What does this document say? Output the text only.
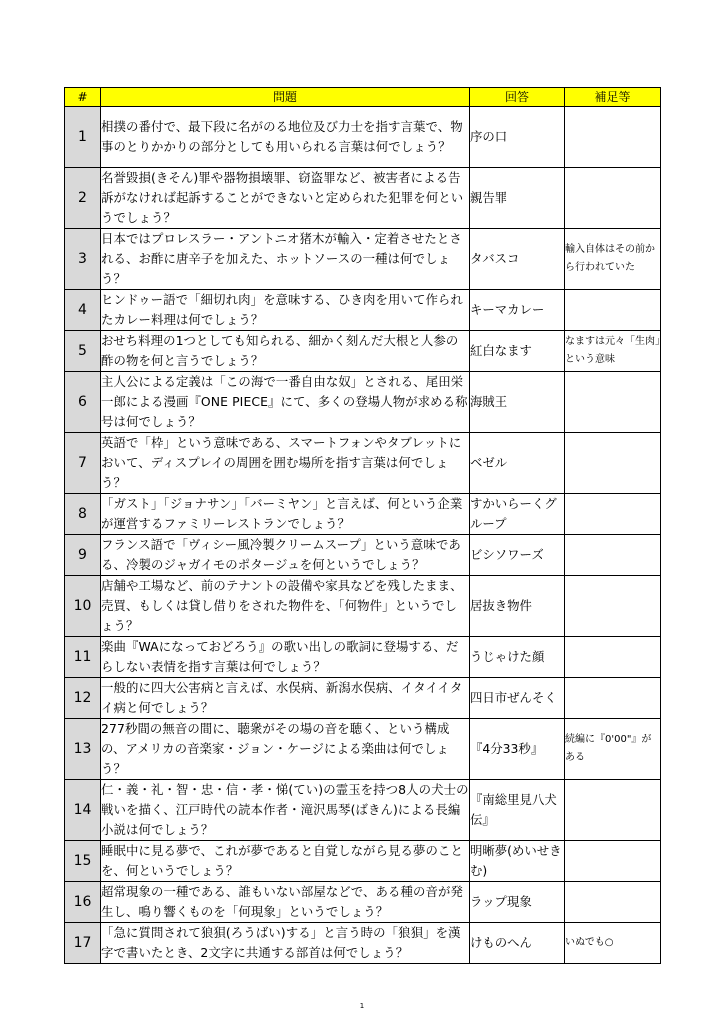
#	問題	回答	補足等
1	相撲の番付で、最下段に名がのる地位及び力士を指す言葉で、物事のとりかかりの部分としても用いられる言葉は何でしょう？	序の口	
2	名誉毀損(きそん)罪や器物損壊罪、窃盗罪など、被害者による告訴がなければ起訴することができないと定められた犯罪を何というでしょう？	親告罪	
3	日本ではプロレスラー・アントニオ猪木が輸入・定着させたとされる、お酢に唐辛子を加えた、ホットソースの一種は何でしょう？	タバスコ	輸入自体はその前から行われていた
4	ヒンドゥー語で「細切れ肉」を意味する、ひき肉を用いて作られたカレー料理は何でしょう？	キーマカレー	
5	おせち料理の1つとしても知られる、細かく刻んだ大根と人参の酢の物を何と言うでしょう？	紅白なます	なますは元々「生肉」という意味
6	主人公による定義は「この海で一番自由な奴」とされる、尾田栄一郎による漫画『ONE PIECE』にて、多くの登場人物が求める称号は何でしょう？	海賊王	
7	英語で「枠」という意味である、スマートフォンやタブレットにおいて、ディスプレイの周囲を囲む場所を指す言葉は何でしょう？	ベゼル	
8	「ガスト」「ジョナサン」「バーミヤン」と言えば、何という企業が運営するファミリーレストランでしょう？	すかいらーくグループ	
9	フランス語で「ヴィシー風冷製クリームスープ」という意味である、冷製のジャガイモのポタージュを何というでしょう？	ビシソワーズ	
10	店舗や工場など、前のテナントの設備や家具などを残したまま、売買、もしくは貸し借りをされた物件を、「何物件」というでしょう？	居抜き物件	
11	楽曲『WAになっておどろう』の歌い出しの歌詞に登場する、だらしない表情を指す言葉は何でしょう？	うじゃけた顔	
12	一般的に四大公害病と言えば、水俣病、新潟水俣病、イタイイタイ病と何でしょう？	四日市ぜんそく	
13	277秒間の無音の間に、聴衆がその場の音を聴く、という構成の、アメリカの音楽家・ジョン・ケージによる楽曲は何でしょう？	『4分33秒』	続編に『0'00"』がある
14	仁・義・礼・智・忠・信・孝・悌(てい)の霊玉を持つ8人の犬士の戦いを描く、江戸時代の読本作者・滝沢馬琴(ばきん)による長編小説は何でしょう？	『南総里見八犬伝』	
15	睡眠中に見る夢で、これが夢であると自覚しながら見る夢のことを、何というでしょう？	明晰夢(めいせきむ)	
16	超常現象の一種である、誰もいない部屋などで、ある種の音が発生し、鳴り響くものを「何現象」というでしょう？	ラップ現象	
17	「急に質問されて狼狽(ろうばい)する」と言う時の「狼狽」を漢字で書いたとき、2文字に共通する部首は何でしょう？	けものへん	いぬでも○
1
